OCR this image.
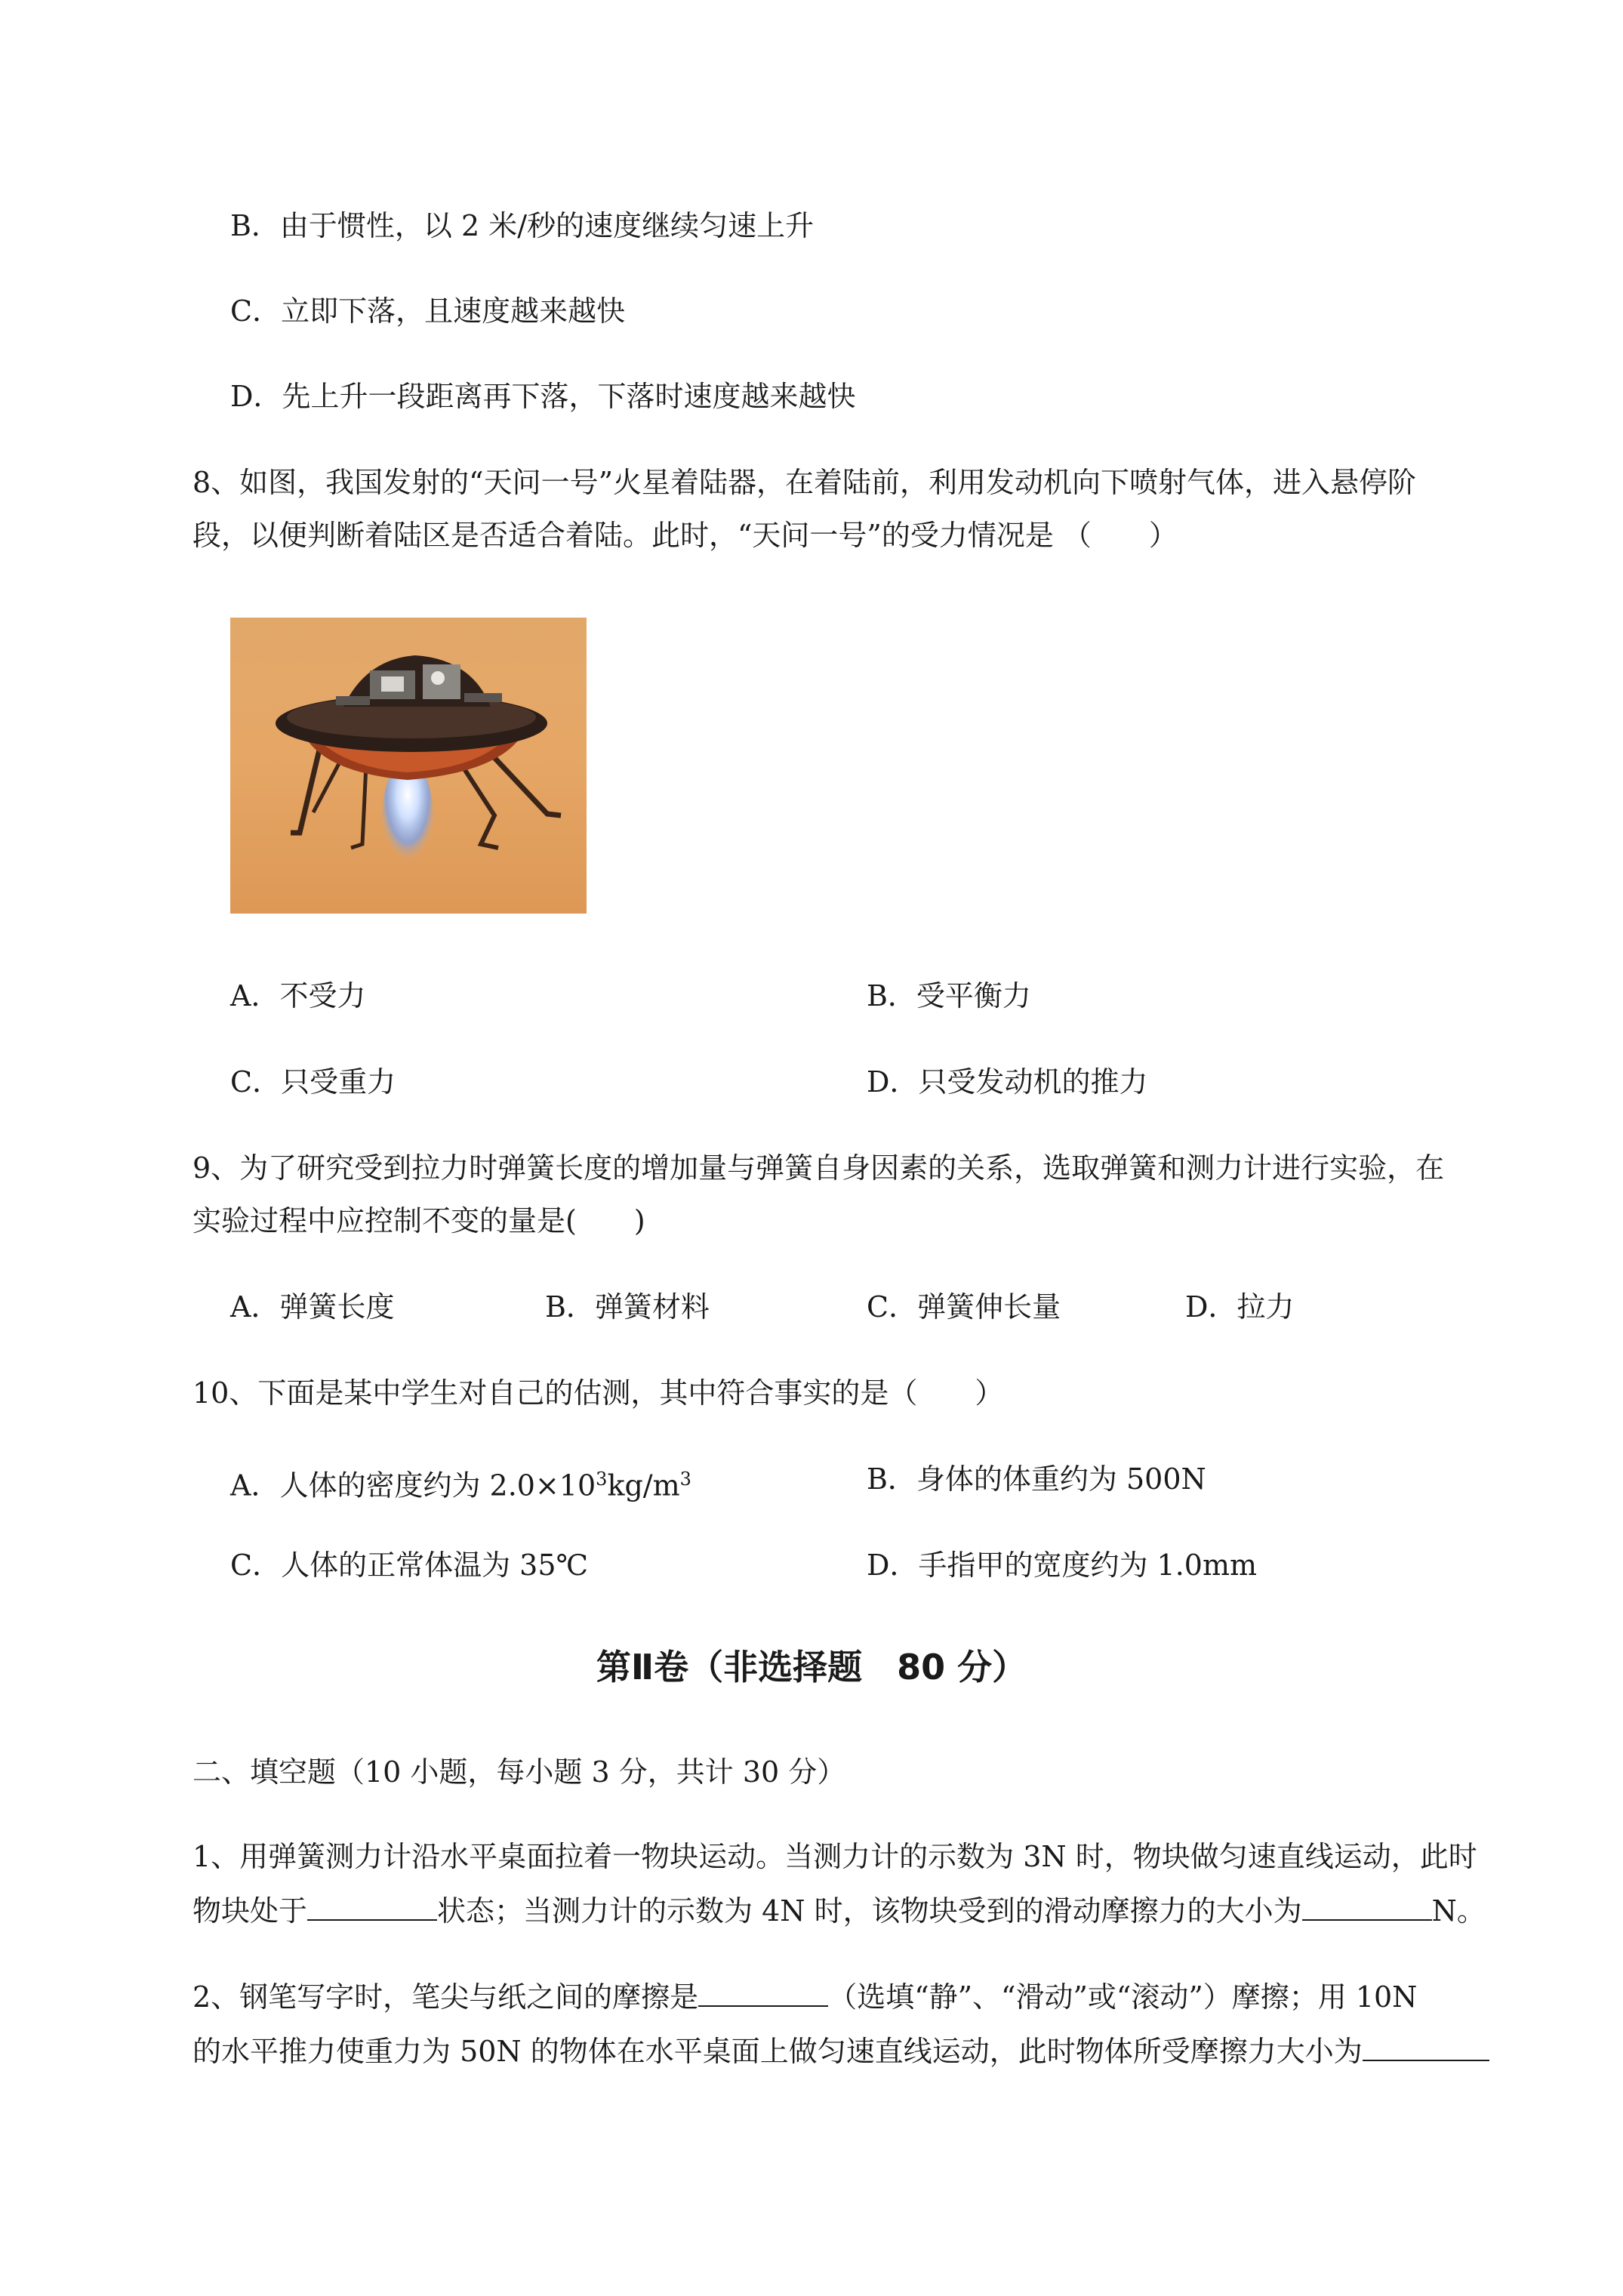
B．由于惯性，以 2 米/秒的速度继续匀速上升
C．立即下落，且速度越来越快
D．先上升一段距离再下落，下落时速度越来越快
8、如图，我国发射的“天问一号”火星着陆器，在着陆前，利用发动机向下喷射气体，进入悬停阶
段，以便判断着陆区是否适合着陆。此时，“天问一号”的受力情况是 （　　）
A．不受力	B．受平衡力
C．只受重力	D．只受发动机的推力
9、为了研究受到拉力时弹簧长度的增加量与弹簧自身因素的关系，选取弹簧和测力计进行实验，在
实验过程中应控制不变的量是(　　)
A．弹簧长度	B．弹簧材料	C．弹簧伸长量	D．拉力
10、下面是某中学生对自己的估测，其中符合事实的是（　　）
A．人体的密度约为 $2.0\times 10^3kg/m^3$	B．身体的体重约为 500N
C．人体的正常体温为 35℃	D．手指甲的宽度约为 1.0mm
第Ⅱ卷（非选择题　80 分）
二、填空题（10 小题，每小题 3 分，共计 30 分）
1、用弹簧测力计沿水平桌面拉着一物块运动。当测力计的示数为 3N 时，物块做匀速直线运动，此时
物块处于	状态；当测力计的示数为 4N 时，该物块受到的滑动摩擦力的大小为	N。
2、钢笔写字时，笔尖与纸之间的摩擦是	（选填“静”、“滑动”或“滚动”）摩擦；用 10N
的水平推力使重力为 50N 的物体在水平桌面上做匀速直线运动，此时物体所受摩擦力大小为
